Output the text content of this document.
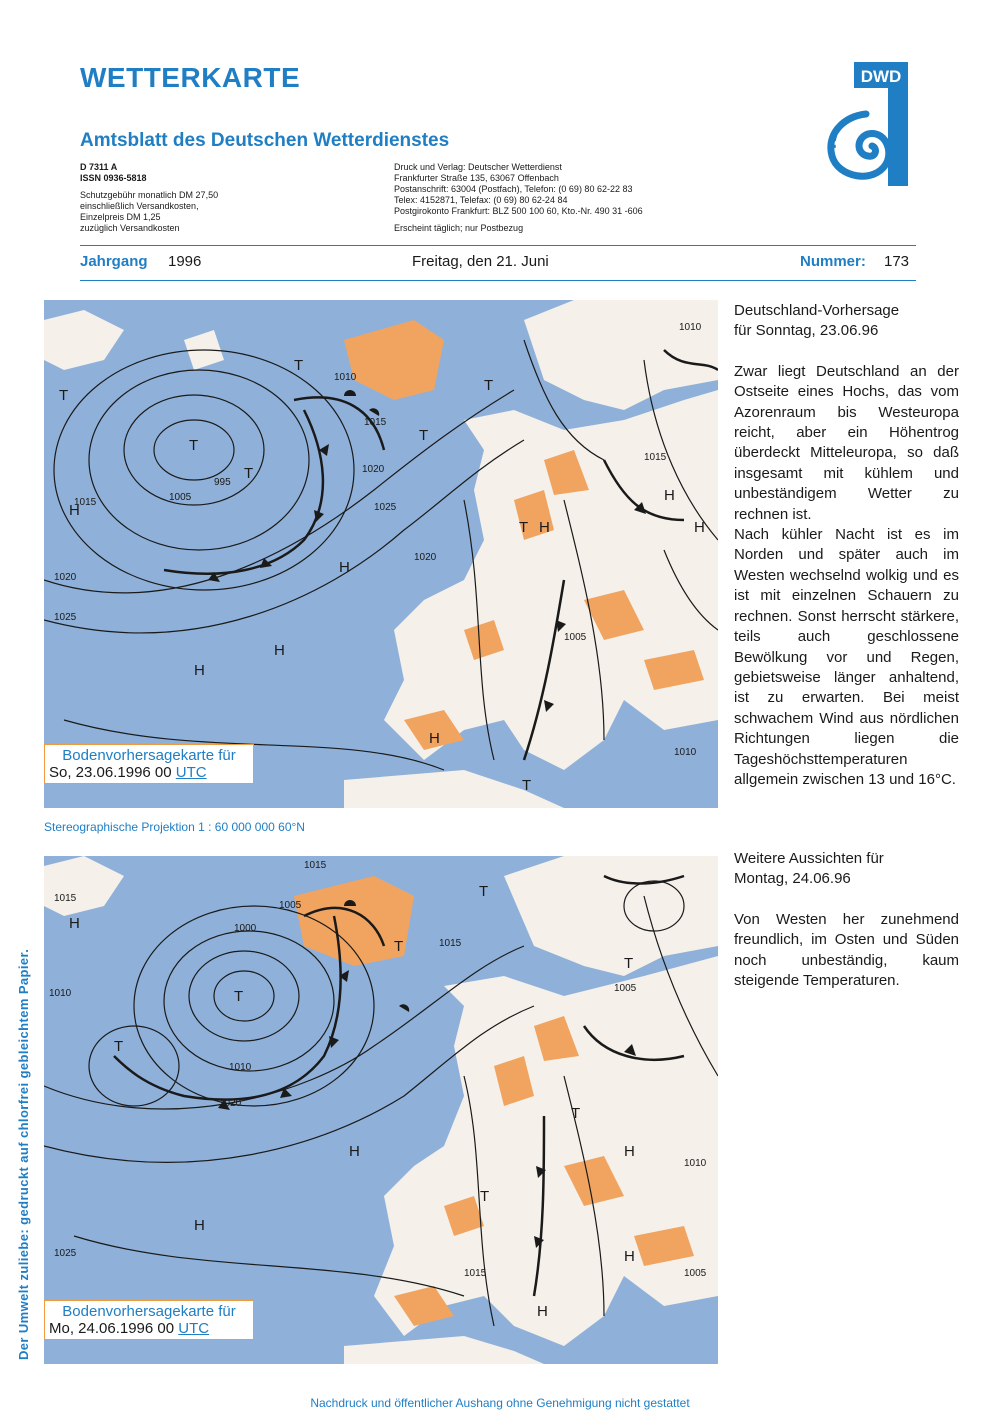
WETTERKARTE
Amtsblatt des Deutschen Wetterdienstes
DWD
D 7311 A
ISSN 0936-5818
Schutzgebühr monatlich DM 27,50
einschließlich Versandkosten,
Einzelpreis DM 1,25
zuzüglich Versandkosten
Druck und Verlag: Deutscher Wetterdienst
Frankfurter Straße 135, 63067 Offenbach
Postanschrift: 63004 (Postfach), Telefon: (0 69) 80 62-22 83
Telex: 4152871, Telefax: (0 69) 80 62-24 84
Postgirokonto Frankfurt: BLZ 500 100 60, Kto.-Nr. 490 31 -606
Erscheint täglich; nur Postbezug
Jahrgang 1996	Freitag, den 21. Juni	Nummer: 173
1010
1010
1015
1020
1025
995
1005
1015
1020
1025
1020
1005
1010
1015
T
T
T
T
T
T
H
H
H
H
H
H
H
H
T
T
Bodenvorhersagekarte für
So, 23.06.1996 00 UTC
Stereographische Projektion 1 : 60 000 000 60°N
1015
1015
1005
1000
1010
1010
1020
1025
1015
1005
1010
1015	1005
H
T
T
T
T
H
H
T
H
H
H
T
T
Bodenvorhersagekarte für
Mo, 24.06.1996 00 UTC

Deutschland-Vorhersage

für Sonntag, 23.06.96

Zwar liegt Deutschland an der Ostseite eines Hochs, das vom Azorenraum bis Westeuropa reicht, aber ein Höhentrog überdeckt Mitteleuropa, so daß insgesamt mit kühlem und unbeständigem Wetter zu rechnen ist.

Nach kühler Nacht ist es im Norden und später auch im Westen wechselnd wolkig und es ist mit einzelnen Schauern zu rechnen. Sonst herrscht stärkere, teils auch geschlossene Bewölkung vor und Regen, gebietsweise länger anhaltend, ist zu erwarten. Bei meist schwachem Wind aus nördlichen Richtungen liegen die Tageshöchsttemperaturen allgemein zwischen 13 und 16°C.

Weitere Aussichten für

Montag, 24.06.96

Von Westen her zunehmend freundlich, im Osten und Süden noch unbeständig, kaum steigende Temperaturen.

Der Umwelt zuliebe: gedruckt auf chlorfrei gebleichtem Papier.
Nachdruck und öffentlicher Aushang ohne Genehmigung nicht gestattet
